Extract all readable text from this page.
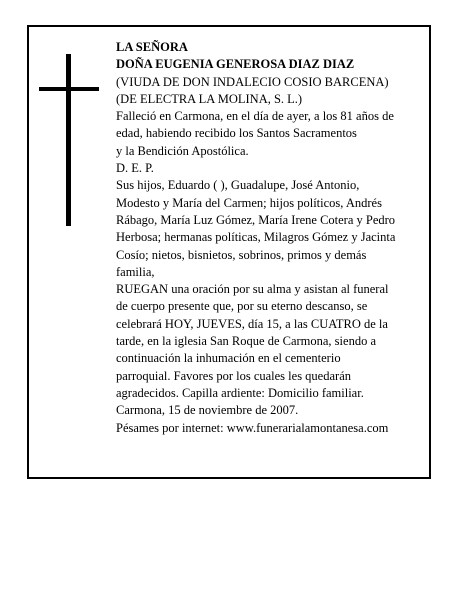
LA SEÑORA
DOÑA EUGENIA GENEROSA DIAZ DIAZ
(VIUDA DE DON INDALECIO COSIO BARCENA)
(DE ELECTRA LA MOLINA, S. L.)
Falleció en Carmona, en el día de ayer, a los 81 años de
edad, habiendo recibido los Santos Sacramentos
y la Bendición Apostólica.
D. E. P.
Sus hijos, Eduardo ( ), Guadalupe, José Antonio,
Modesto y María del Carmen; hijos políticos, Andrés
Rábago, María Luz Gómez, María Irene Cotera y Pedro
Herbosa; hermanas políticas, Milagros Gómez y Jacinta
Cosío; nietos, bisnietos, sobrinos, primos y demás
familia,
RUEGAN una oración por su alma y asistan al funeral
de cuerpo presente que, por su eterno descanso, se
celebrará HOY, JUEVES, día 15, a las CUATRO de la
tarde, en la iglesia San Roque de Carmona, siendo a
continuación la inhumación en el cementerio
parroquial. Favores por los cuales les quedarán
agradecidos. Capilla ardiente: Domicilio familiar.
Carmona, 15 de noviembre de 2007.
Pésames por internet: www.funerarialamontanesa.com
